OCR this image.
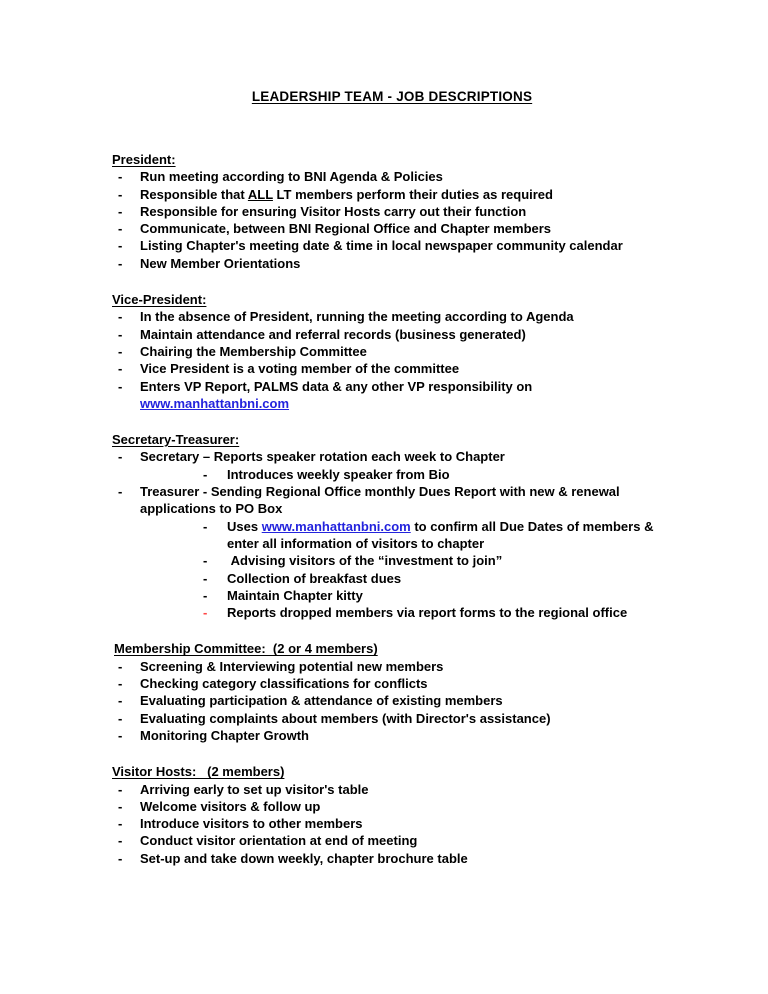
LEADERSHIP TEAM - JOB DESCRIPTIONS
President:
- Run meeting according to BNI Agenda & Policies
- Responsible that ALL LT members perform their duties as required
- Responsible for ensuring Visitor Hosts carry out their function
- Communicate, between BNI Regional Office and Chapter members
- Listing Chapter's meeting date & time in local newspaper community calendar
- New Member Orientations
Vice-President:
- In the absence of President, running the meeting according to Agenda
- Maintain attendance and referral records (business generated)
- Chairing the Membership Committee
- Vice President is a voting member of the committee
- Enters VP Report, PALMS data & any other VP responsibility on www.manhattanbni.com
Secretary-Treasurer:
- Secretary – Reports speaker rotation each week to Chapter
- Introduces weekly speaker from Bio
- Treasurer - Sending Regional Office monthly Dues Report with new & renewal applications to PO Box
- Uses www.manhattanbni.com to confirm all Due Dates of members & enter all information of visitors to chapter
- Advising visitors of the “investment to join”
- Collection of breakfast dues
- Maintain Chapter kitty
- Reports dropped members via report forms to the regional office
Membership Committee:  (2 or 4 members)
- Screening & Interviewing potential new members
- Checking category classifications for conflicts
- Evaluating participation & attendance of existing members
- Evaluating complaints about members (with Director's assistance)
- Monitoring Chapter Growth
Visitor Hosts:   (2 members)
- Arriving early to set up visitor's table
- Welcome visitors & follow up
- Introduce visitors to other members
- Conduct visitor orientation at end of meeting
- Set-up and take down weekly, chapter brochure table
